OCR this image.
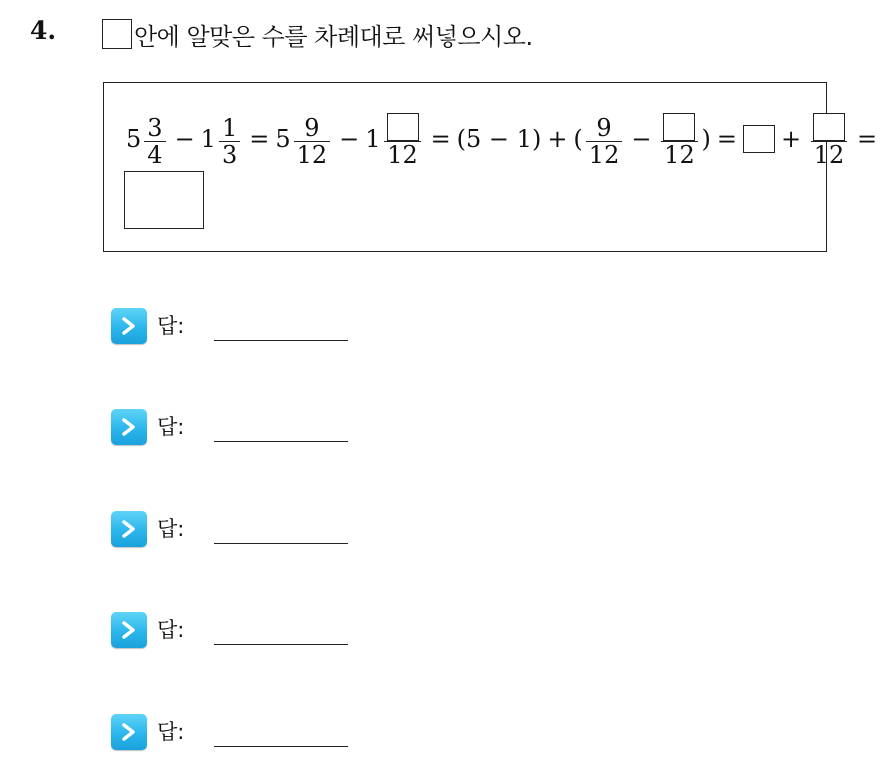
4.	안에 알맞은 수를 차례대로 써넣으시오.
$5 \frac{3}{4} - 1 \frac{1}{3} = 5 \frac{9}{12} - 1$
12
= (5 − 1) + ( $\frac{9}{12}$ −
12
) = +
12
=
답:
답:
답:
답:
답:
